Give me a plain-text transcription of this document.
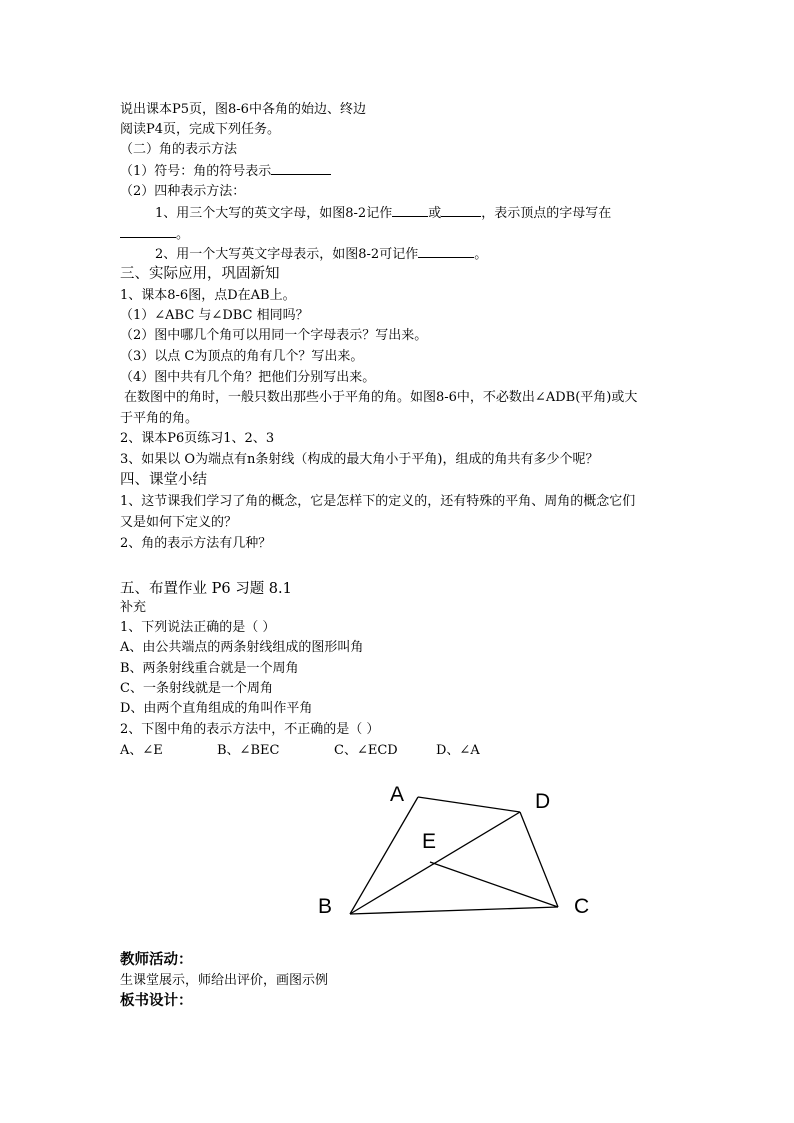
说出课本P5页，图8-6中各角的始边、终边
阅读P4页，完成下列任务。
（二）角的表示方法
（1）符号：角的符号表示
（2）四种表示方法：
1、用三个大写的英文字母，如图8-2记作	或	，表示顶点的字母写在
。
2、用一个大写英文字母表示，如图8-2可记作	。
三、实际应用，巩固新知
1、课本8-6图，点D在AB上。
（1）∠ABC 与∠DBC 相同吗？
（2）图中哪几个角可以用同一个字母表示？写出来。
（3）以点 C为顶点的角有几个？写出来。
（4）图中共有几个角？把他们分别写出来。
在数图中的角时，一般只数出那些小于平角的角。如图8-6中，不必数出∠ADB(平角)或大
于平角的角。
2、课本P6页练习1、2、3
3、如果以 O为端点有n条射线（构成的最大角小于平角)，组成的角共有多少个呢？
四、课堂小结
1、这节课我们学习了角的概念，它是怎样下的定义的，还有特殊的平角、周角的概念它们
又是如何下定义的？
2、角的表示方法有几种？
五、布置作业 P6 习题 8.1
补充
1、下列说法正确的是（ ）
A、由公共端点的两条射线组成的图形叫角
B、两条射线重合就是一个周角
C、一条射线就是一个周角
D、由两个直角组成的角叫作平角
2、下图中角的表示方法中，不正确的是（ ）
A、∠E	B、∠BEC	C、∠ECD	D、∠A
A	D
E
B	C
教师活动：
生课堂展示，师给出评价，画图示例
板书设计：
